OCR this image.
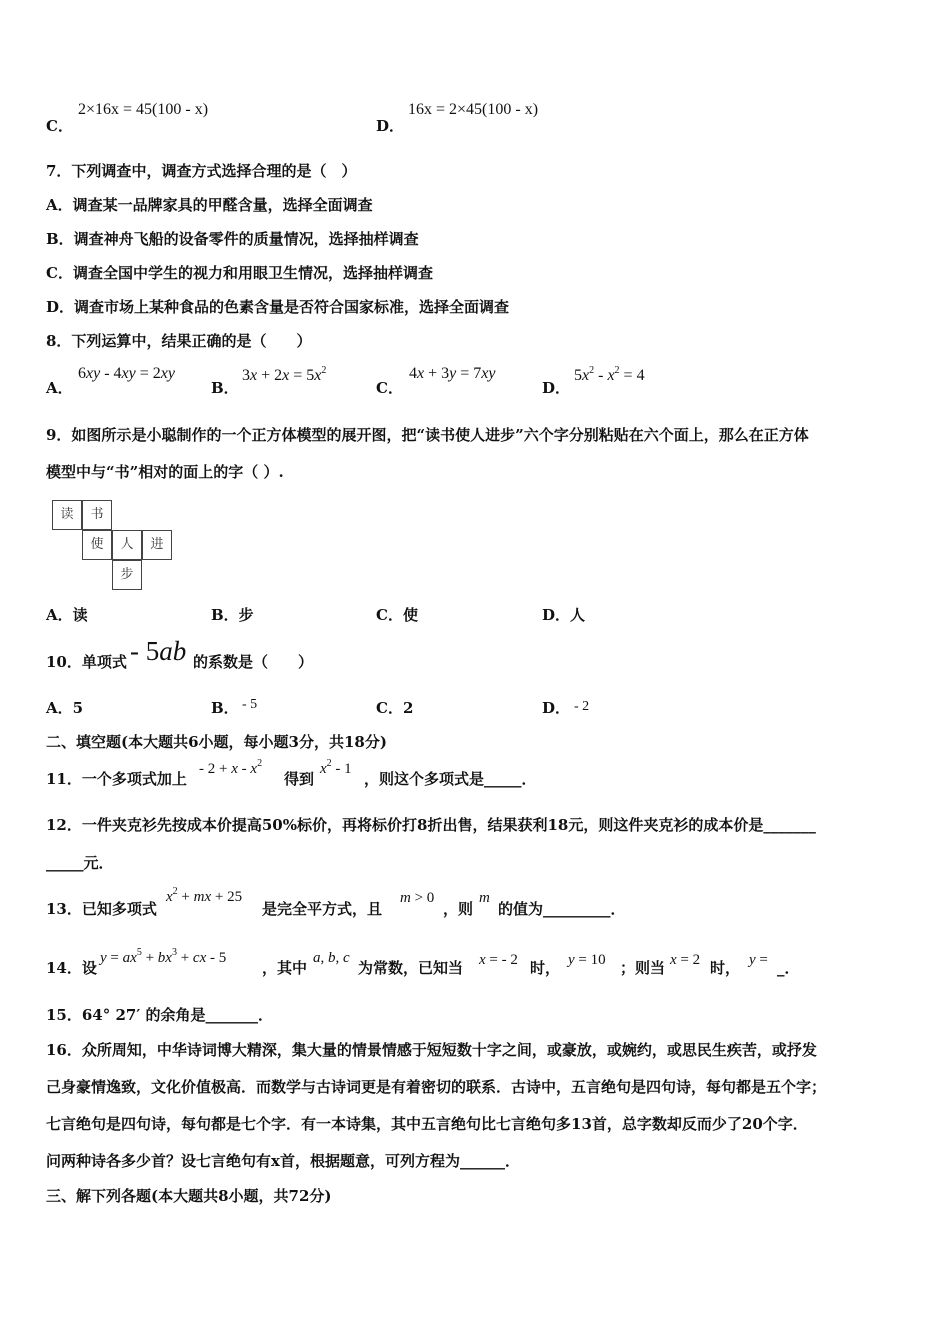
C．
2×16x = 45(100 - x)
D．
16x = 2×45(100 - x)
7．下列调查中，调查方式选择合理的是（　）
A．调查某一品牌家具的甲醛含量，选择全面调查
B．调查神舟飞船的设备零件的质量情况，选择抽样调查
C．调查全国中学生的视力和用眼卫生情况，选择抽样调查
D．调查市场上某种食品的色素含量是否符合国家标准，选择全面调查
8．下列运算中，结果正确的是（　　）
A．
6xy - 4xy = 2xy
B．
$3x + 2x = 5x^2$
C．
4x + 3y = 7xy
D．
$5x^2 - x^2 = 4$
9．如图所示是小聪制作的一个正方体模型的展开图，把“读书使人进步”六个字分别粘贴在六个面上，那么在正方体
模型中与“书”相对的面上的字（ ）.
读	书
使	人	进
步
A．读	B．步	C．使	D．人
10．单项式 - 5ab 的系数是（　　）
A．5	B． - 5	C．2	D． - 2
二、填空题(本大题共6小题，每小题3分，共18分)
11．一个多项式加上
- $2 + x - x^2$
得到
$x^2 - 1$
，则这个多项式是_____．
12．一件夹克衫先按成本价提高50%标价，再将标价打8折出售，结果获利18元，则这件夹克衫的成本价是_______
_____元．
13．已知多项式
$x^2$ + mx + 25
是完全平方式，且
m > 0
，则
m
的值为_________．
14．设
$y = ax^5 + bx^3$ + cx - 5
，其中
a, b, c
为常数，已知当 x = - 2 时， y = 10 ；则当 x = 2 时， y = _．
15．64° 27′ 的余角是_______．
16．众所周知，中华诗词博大精深，集大量的情景情感于短短数十字之间，或豪放，或婉约，或思民生疾苦，或抒发
己身豪情逸致，文化价值极高．而数学与古诗词更是有着密切的联系．古诗中，五言绝句是四句诗，每句都是五个字；
七言绝句是四句诗，每句都是七个字．有一本诗集，其中五言绝句比七言绝句多13首，总字数却反而少了20个字．
问两种诗各多少首？设七言绝句有x首，根据题意，可列方程为______．
三、解下列各题(本大题共8小题，共72分)
